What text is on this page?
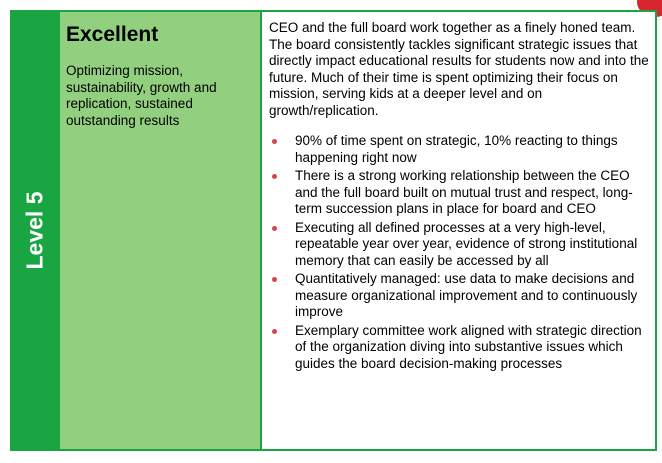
Level 5
Excellent

Optimizing mission, sustainability, growth and replication, sustained outstanding results

CEO and the full board work together as a finely honed team. The board consistently tackles significant strategic issues that directly impact educational results for students now and into the future. Much of their time is spent optimizing their focus on mission, serving kids at a deeper level and on growth/replication.

90% of time spent on strategic, 10% reacting to things happening right now
There is a strong working relationship between the CEO and the full board built on mutual trust and respect, long-term succession plans in place for board and CEO
Executing all defined processes at a very high-level, repeatable year over year, evidence of strong institutional memory that can easily be accessed by all
Quantitatively managed: use data to make decisions and measure organizational improvement and to continuously improve
Exemplary committee work aligned with strategic direction of the organization diving into substantive issues which guides the board decision-making processes
